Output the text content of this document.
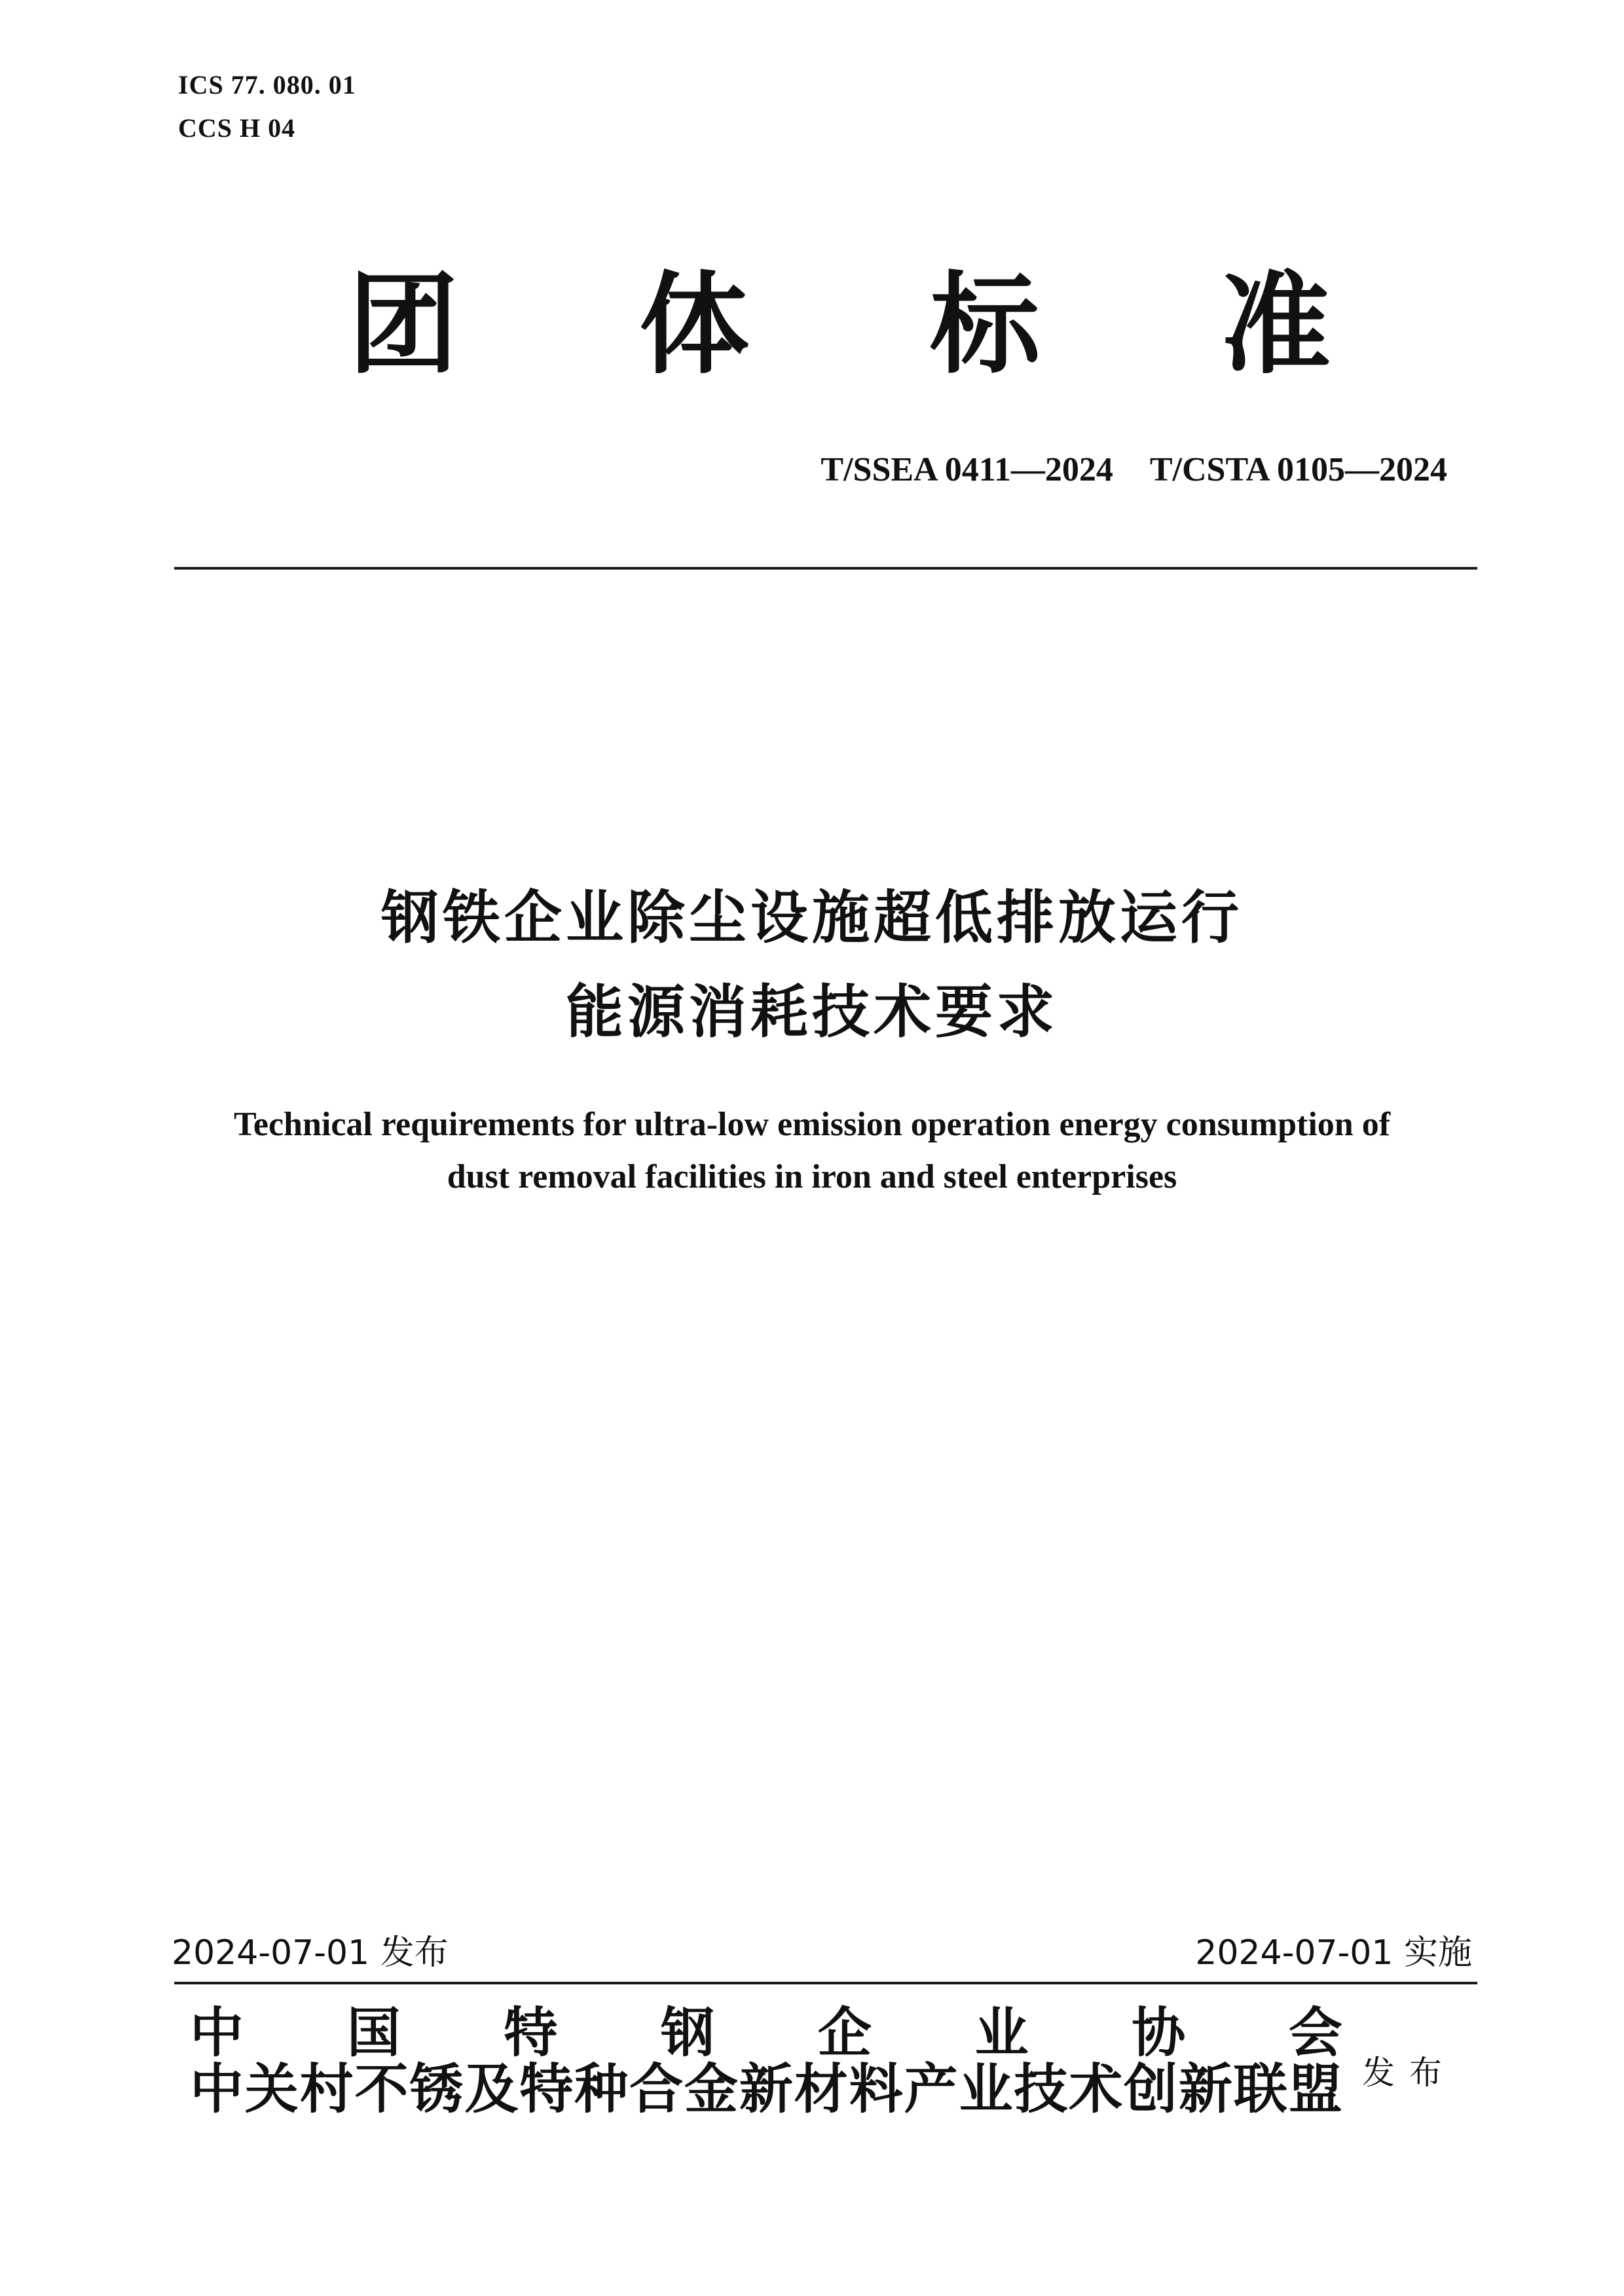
ICS 77. 080. 01
CCS H 04
团 体 标 准
T/SSEA 0411—2024 T/CSTA 0105—2024
钢铁企业除尘设施超低排放运行
能源消耗技术要求
Technical requirements for ultra-low emission operation energy consumption of
dust removal facilities in iron and steel enterprises
2024-07-01 发布	2024-07-01 实施
中 国 特 钢 企 业 协 会
中 关 村 不 锈 及 特 种 合 金 新 材 料 产 业 技 术 创 新 联 盟 发布
